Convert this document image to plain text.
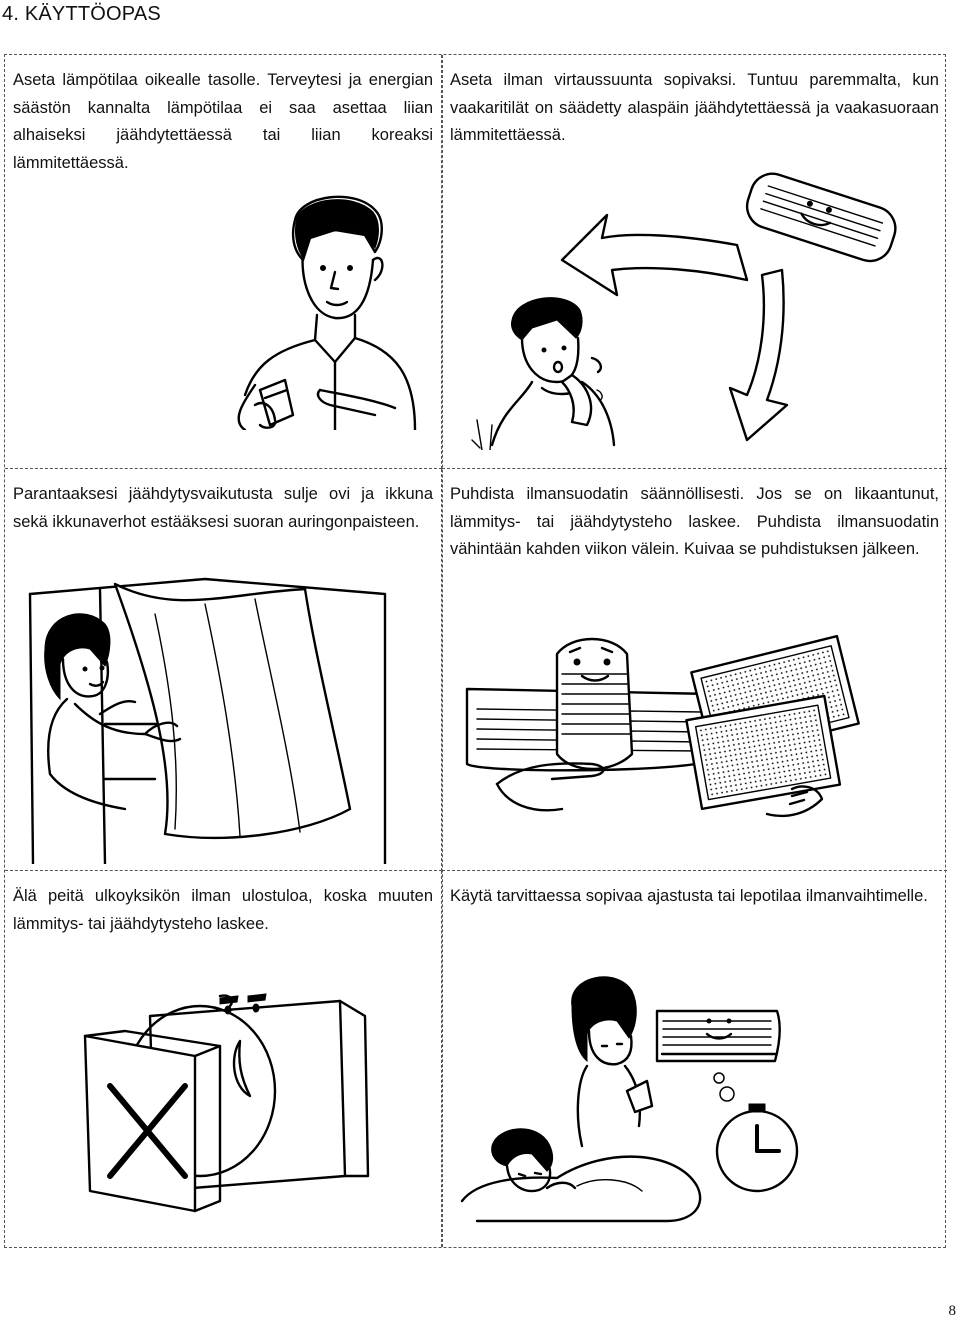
4. KÄYTTÖOPAS

Aseta lämpötilaa oikealle tasolle. Terveytesi ja energian säästön kannalta lämpötilaa ei saa asettaa liian alhaiseksi jäähdytettäessä tai liian koreaksi lämmitettäessä.

Aseta ilman virtaussuunta sopivaksi. Tuntuu paremmalta, kun vaakaritilät on säädetty alaspäin jäähdytettäessä ja vaakasuoraan lämmitettäessä.

Parantaaksesi jäähdytysvaikutusta sulje ovi ja ikkuna sekä ikkunaverhot estääksesi suoran auringonpaisteen.

Puhdista ilmansuodatin säännöllisesti. Jos se on likaantunut, lämmitys- tai jäähdytysteho laskee. Puhdista ilmansuodatin vähintään kahden viikon välein. Kuivaa se puhdistuksen jälkeen.

Älä peitä ulkoyksikön ilman ulostuloa, koska muuten lämmitys- tai jäähdytysteho laskee.

Käytä tarvittaessa sopivaa ajastusta tai lepotilaa ilmanvaihtimelle.

8
